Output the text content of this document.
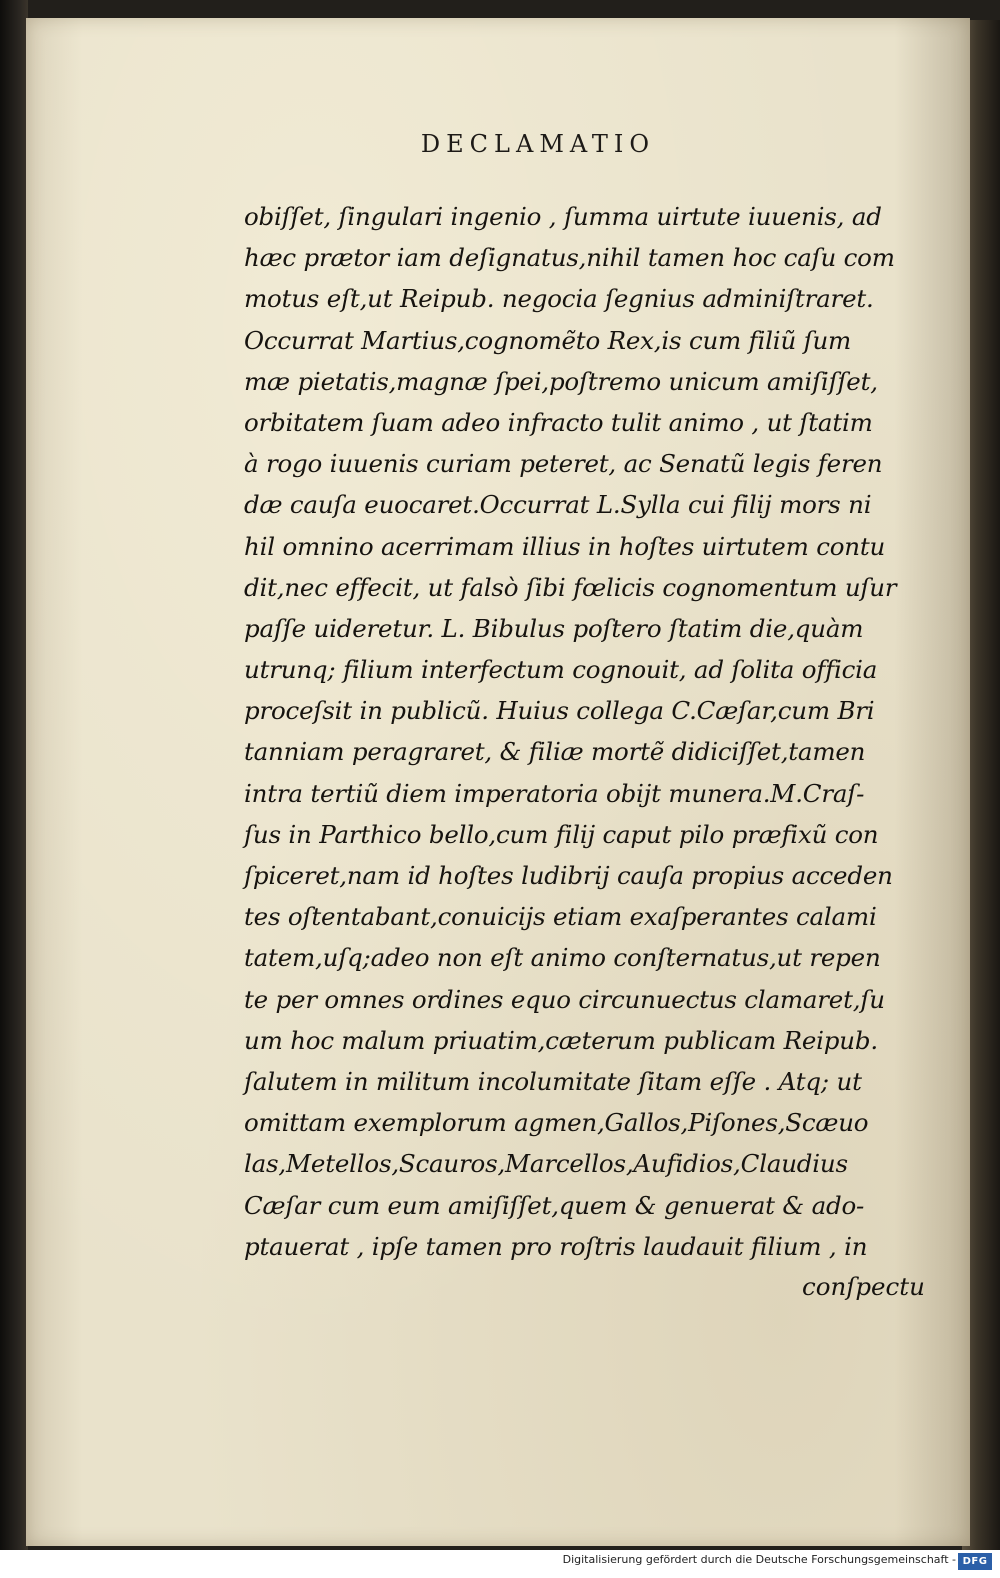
DECLAMATIO
obiſſet, ſingulari ingenio , ſumma uirtute iuuenis, ad
hæc prætor iam deſignatus,nihil tamen hoc caſu com
motus eſt,ut Reipub. negocia ſegnius adminiſtraret.
Occurrat Martius,cognomẽto Rex,is cum filiũ ſum
mæ pietatis,magnæ ſpei,poſtremo unicum amiſiſſet,
orbitatem ſuam adeo infracto tulit animo , ut ſtatim
à rogo iuuenis curiam peteret, ac Senatũ legis feren
dæ cauſa euocaret.Occurrat L.Sylla cui filij mors ni
hil omnino acerrimam illius in hoſtes uirtutem contu
dit,nec effecit, ut falsò ſibi fœlicis cognomentum uſur
paſſe uideretur. L. Bibulus poſtero ſtatim die,quàm
utrunq; filium interfectum cognouit, ad ſolita officia
proceſsit in publicũ. Huius collega C.Cæſar,cum Bri
tanniam peragraret, & filiæ mortẽ didiciſſet,tamen
intra tertiũ diem imperatoria obijt munera.M.Craſ-
ſus in Parthico bello,cum filij caput pilo præfixũ con
ſpiceret,nam id hoſtes ludibrij cauſa propius acceden
tes oſtentabant,conuicijs etiam exaſperantes calami
tatem,uſq;adeo non eſt animo conſternatus,ut repen
te per omnes ordines equo circunuectus clamaret,ſu
um hoc malum priuatim,cæterum publicam Reipub.
ſalutem in militum incolumitate ſitam eſſe . Atq; ut
omittam exemplorum agmen,Gallos,Piſones,Scæuo
las,Metellos,Scauros,Marcellos,Aufidios,Claudius
Cæſar cum eum amiſiſſet,quem & genuerat & ado-
ptauerat , ipſe tamen pro roſtris laudauit filium , in
conſpectu
Digitalisierung gefördert durch die Deutsche Forschungsgemeinschaft - DFG
